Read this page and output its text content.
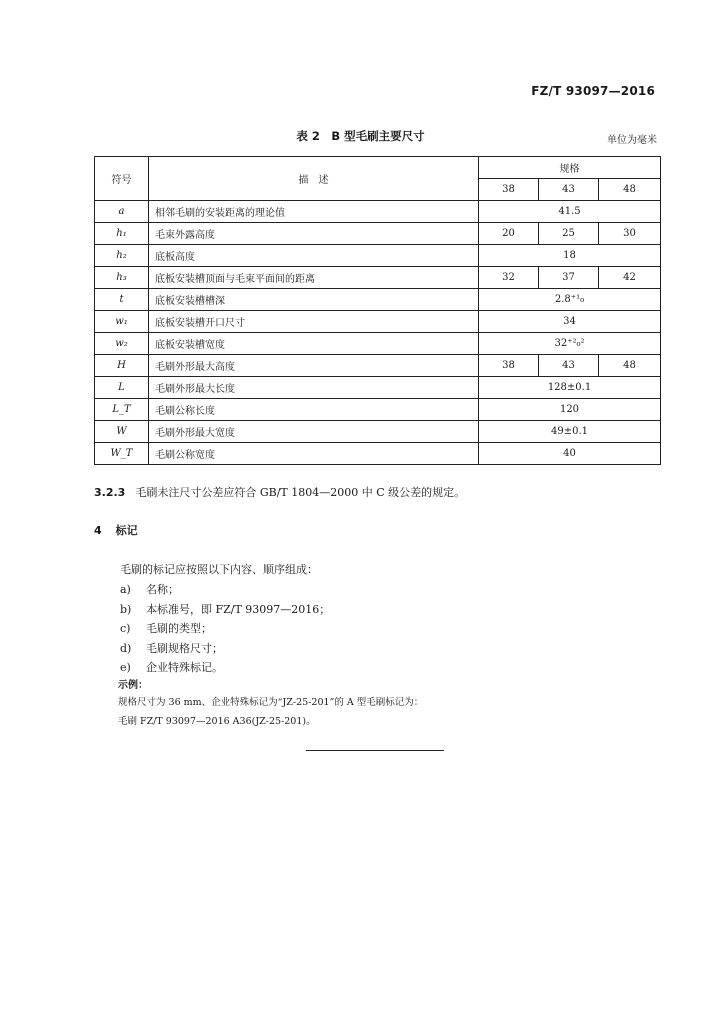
FZ/T 93097—2016
表 2　B 型毛刷主要尺寸	单位为毫米
符号	描　述	规格		
		38	43	48
a	相邻毛刷的安装距离的理论值	41.5		
h₁	毛束外露高度	20	25	30
h₂	底板高度	18		
h₃	底板安装槽顶面与毛束平面间的距离	32	37	42
t	底板安装槽槽深	2.8⁺¹₀		
w₁	底板安装槽开口尺寸	34		
w₂	底板安装槽宽度	32⁺²₀²		
H	毛刷外形最大高度	38	43	48
L	毛刷外形最大长度	128±0.1		
L_T	毛刷公称长度	120		
W	毛刷外形最大宽度	49±0.1		
W_T	毛刷公称宽度	40		
3.2.3 毛刷未注尺寸公差应符合 GB/T 1804—2000 中 C 级公差的规定。
4 标记
毛刷的标记应按照以下内容、顺序组成：
a) 名称；
b) 本标准号，即 FZ/T 93097—2016；
c) 毛刷的类型；
d) 毛刷规格尺寸；
e) 企业特殊标记。
示例：
规格尺寸为 36 mm、企业特殊标记为“JZ-25-201”的 A 型毛刷标记为：
毛刷 FZ/T 93097—2016 A36(JZ-25-201)。
